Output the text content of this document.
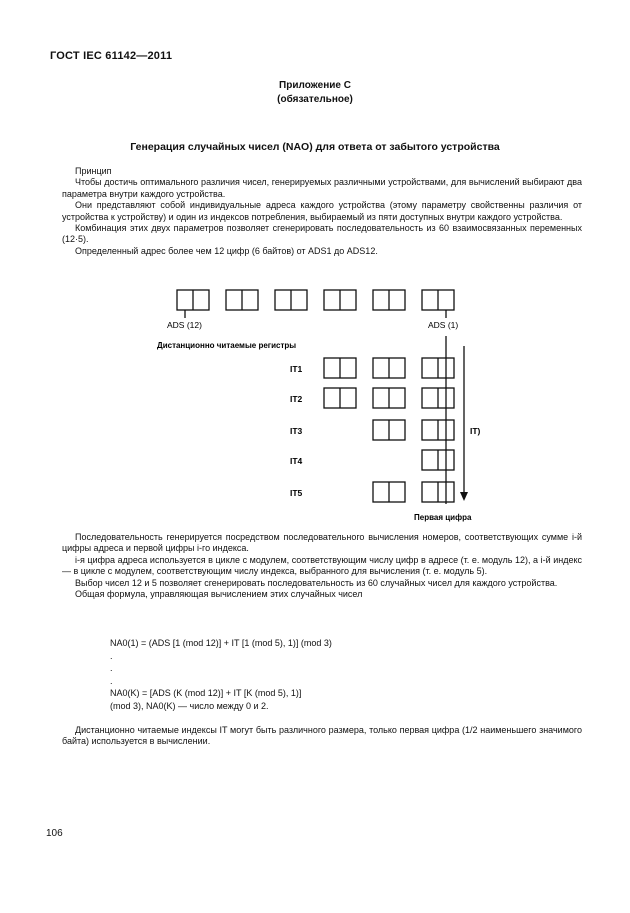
ГОСТ IEC 61142—2011
Приложение С
(обязательное)
Генерация случайных чисел (NAO) для ответа от забытого устройства

Принцип

Чтобы достичь оптимального различия чисел, генерируемых различными устройствами, для вычислений выбирают два параметра внутри каждого устройства.

Они представляют собой индивидуальные адреса каждого устройства (этому параметру свойственны различия от устройства к устройству) и один из индексов потребления, выбираемый из пяти доступных внутри каждого устройства.

Комбинация этих двух параметров позволяет сгенерировать последовательность из 60 взаимосвязанных переменных (12·5).

Определенный адрес более чем 12 цифр (6 байтов) от ADS1 до ADS12.

ADS (12)	ADS (1)
Дистанционно читаемые регистры
IT1
IT2
IT3
IT4
IT5
IT)
Первая цифра

Последовательность генерируется посредством последовательного вычисления номеров, соответствующих сумме i-й цифры адреса и первой цифры i-го индекса.

i-я цифра адреса используется в цикле с модулем, соответствующим числу цифр в адресе (т. е. модуль 12), а i-й индекс — в цикле с модулем, соответствующим числу индекса, выбранного для вычисления (т. е. модуль 5).

Выбор чисел 12 и 5 позволяет сгенерировать последовательность из 60 случайных чисел для каждого устройства.

Общая формула, управляющая вычислением этих случайных чисел

NA0(1) = (ADS [1 (mod 12)] + IT [1 (mod 5), 1)] (mod 3)
.
.
.
NA0(K) = [ADS (K (mod 12)] + IT [K (mod 5), 1)]
(mod 3), NA0(K) — число между 0 и 2.

Дистанционно читаемые индексы IT могут быть различного размера, только первая цифра (1/2 наименьшего значимого байта) используется в вычислении.

106
